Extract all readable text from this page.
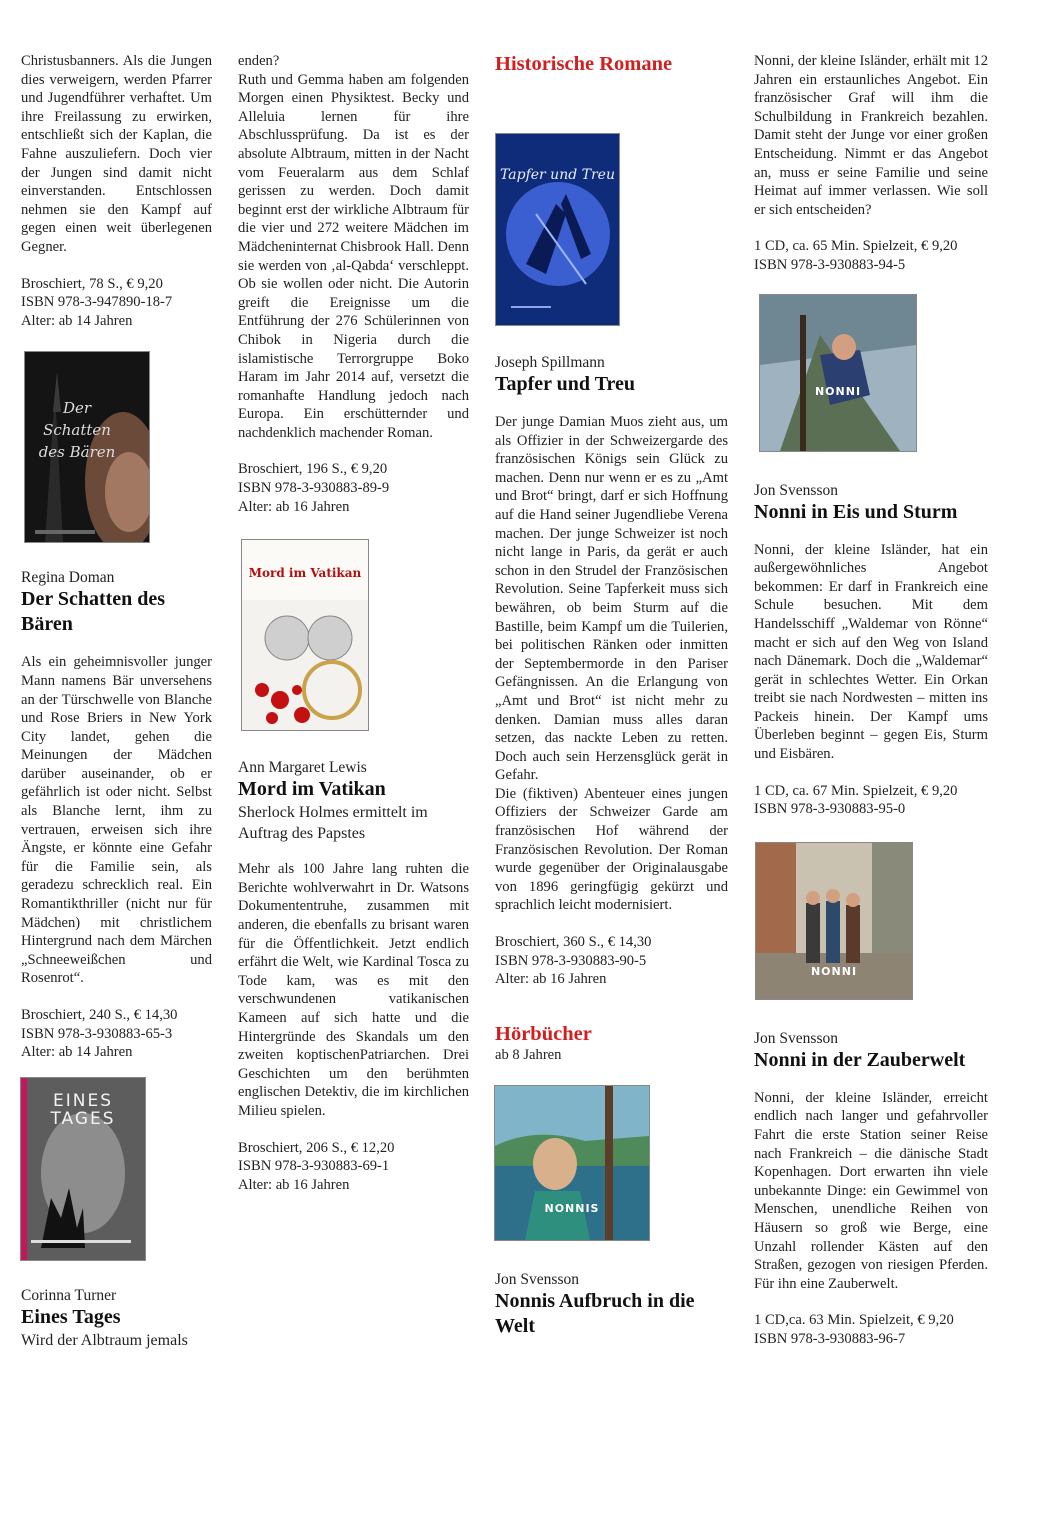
Christusbanners. Als die Jungen dies verweigern, werden Pfarrer und Jugendführer verhaftet. Um ihre Freilassung zu erwirken, entschließt sich der Kaplan, die Fahne auszuliefern. Doch vier der Jungen sind damit nicht einverstanden. Entschlossen nehmen sie den Kampf auf gegen einen weit überlegenen Gegner.

Broschiert, 78 S., € 9,20
ISBN 978-3-947890-18-7
Alter: ab 14 Jahren
Der Schatten des Bären
Regina Doman
Der Schatten des Bären

Als ein geheimnisvoller junger Mann namens Bär unversehens an der Türschwelle von Blanche und Rose Briers in New York City landet, gehen die Meinungen der Mädchen darüber auseinander, ob er gefährlich ist oder nicht. Selbst als Blanche lernt, ihm zu vertrauen, erweisen sich ihre Ängste, er könnte eine Gefahr für die Familie sein, als geradezu schrecklich real. Ein Romantikthriller (nicht nur für Mädchen) mit christlichem Hintergrund nach dem Märchen „Schneeweißchen und Rosenrot“.

Broschiert, 240 S., € 14,30
ISBN 978-3-930883-65-3
Alter: ab 14 Jahren
EINES TAGES
Corinna Turner
Eines Tages
Wird der Albtraum jemals

enden?
Ruth und Gemma haben am folgenden Morgen einen Physiktest. Becky und Alleluia lernen für ihre Abschlussprüfung. Da ist es der absolute Albtraum, mitten in der Nacht vom Feueralarm aus dem Schlaf gerissen zu werden. Doch damit beginnt erst der wirkliche Albtraum für die vier und 272 weitere Mädchen im Mädcheninternat Chisbrook Hall. Denn sie werden von ‚al-Qabda‘ verschleppt. Ob sie wollen oder nicht. Die Autorin greift die Ereignisse um die Entführung der 276 Schülerinnen von Chibok in Nigeria durch die islamistische Terrorgruppe Boko Haram im Jahr 2014 auf, versetzt die romanhafte Handlung jedoch nach Europa. Ein erschütternder und nachdenklich machender Roman.

Broschiert, 196 S., € 9,20
ISBN 978-3-930883-89-9
Alter: ab 16 Jahren
Mord im Vatikan
Ann Margaret Lewis
Mord im Vatikan
Sherlock Holmes ermittelt im Auftrag des Papstes

Mehr als 100 Jahre lang ruhten die Berichte wohlverwahrt in Dr. Watsons Dokumententruhe, zusammen mit anderen, die ebenfalls zu brisant waren für die Öffentlichkeit. Jetzt endlich erfährt die Welt, wie Kardinal Tosca zu Tode kam, was es mit den verschwundenen vatikanischen Kameen auf sich hatte und die Hintergründe des Skandals um den zweiten koptischenPatriarchen. Drei Geschichten um den berühmten englischen Detektiv, die im kirchlichen Milieu spielen.

Broschiert, 206 S., € 12,20
ISBN 978-3-930883-69-1
Alter: ab 16 Jahren
Historische Romane
Tapfer und Treu
Joseph Spillmann
Tapfer und Treu

Der junge Damian Muos zieht aus, um als Offizier in der Schweizergarde des französischen Königs sein Glück zu machen. Denn nur wenn er es zu „Amt und Brot“ bringt, darf er sich Hoffnung auf die Hand seiner Jugendliebe Verena machen. Der junge Schweizer ist noch nicht lange in Paris, da gerät er auch schon in den Strudel der Französischen Revolution. Seine Tapferkeit muss sich bewähren, ob beim Sturm auf die Bastille, beim Kampf um die Tuilerien, bei politischen Ränken oder inmitten der Septembermorde in den Pariser Gefängnissen. An die Erlangung von „Amt und Brot“ ist nicht mehr zu denken. Damian muss alles daran setzen, das nackte Leben zu retten. Doch auch sein Herzensglück gerät in Gefahr.

Die (fiktiven) Abenteuer eines jungen Offiziers der Schweizer Garde am französischen Hof während der Französischen Revolution. Der Roman wurde gegenüber der Originalausgabe von 1896 geringfügig gekürzt und sprachlich leicht modernisiert.

Broschiert, 360 S., € 14,30
ISBN 978-3-930883-90-5
Alter: ab 16 Jahren
Hörbücher
ab 8 Jahren
NONNIS
Jon Svensson
Nonnis Aufbruch in die Welt

Nonni, der kleine Isländer, erhält mit 12 Jahren ein erstaunliches Angebot. Ein französischer Graf will ihm die Schulbildung in Frankreich bezahlen. Damit steht der Junge vor einer großen Entscheidung. Nimmt er das Angebot an, muss er seine Familie und seine Heimat auf immer verlassen. Wie soll er sich entscheiden?

1 CD, ca. 65 Min. Spielzeit, € 9,20
ISBN 978-3-930883-94-5
NONNI
Jon Svensson
Nonni in Eis und Sturm

Nonni, der kleine Isländer, hat ein außergewöhnliches Angebot bekommen: Er darf in Frankreich eine Schule besuchen. Mit dem Handelsschiff „Waldemar von Rönne“ macht er sich auf den Weg von Island nach Dänemark. Doch die „Waldemar“ gerät in schlechtes Wetter. Ein Orkan treibt sie nach Nordwesten – mitten ins Packeis hinein. Der Kampf ums Überleben beginnt – gegen Eis, Sturm und Eisbären.

1 CD, ca. 67 Min. Spielzeit, € 9,20
ISBN 978-3-930883-95-0
NONNI
Jon Svensson
Nonni in der Zauberwelt

Nonni, der kleine Isländer, erreicht endlich nach langer und gefahrvoller Fahrt die erste Station seiner Reise nach Frankreich – die dänische Stadt Kopenhagen. Dort erwarten ihn viele unbekannte Dinge: ein Gewimmel von Menschen, unendliche Reihen von Häusern so groß wie Berge, eine Unzahl rollender Kästen auf den Straßen, gezogen von riesigen Pferden. Für ihn eine Zauberwelt.

1 CD,ca. 63 Min. Spielzeit, € 9,20
ISBN 978-3-930883-96-7
